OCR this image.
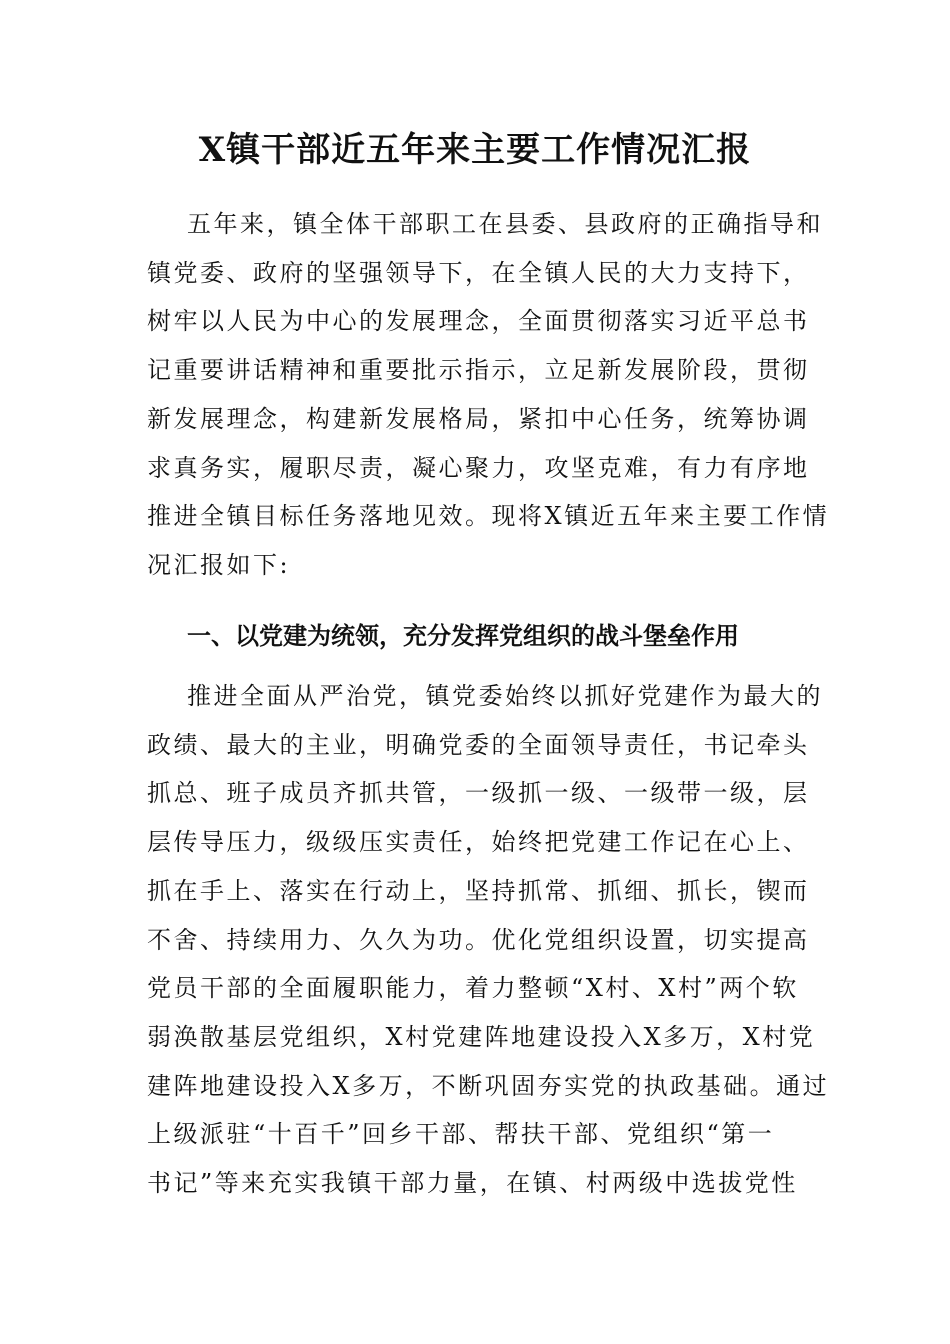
X镇干部近五年来主要工作情况汇报
五年来，镇全体干部职工在县委、县政府的正确指导和
镇党委、政府的坚强领导下，在全镇人民的大力支持下，
树牢以人民为中心的发展理念，全面贯彻落实习近平总书
记重要讲话精神和重要批示指示，立足新发展阶段，贯彻
新发展理念，构建新发展格局，紧扣中心任务，统筹协调
求真务实，履职尽责，凝心聚力，攻坚克难，有力有序地
推进全镇目标任务落地见效。现将X镇近五年来主要工作情
况汇报如下:
一、以党建为统领，充分发挥党组织的战斗堡垒作用
推进全面从严治党，镇党委始终以抓好党建作为最大的
政绩、最大的主业，明确党委的全面领导责任，书记牵头
抓总、班子成员齐抓共管，一级抓一级、一级带一级，层
层传导压力，级级压实责任，始终把党建工作记在心上、
抓在手上、落实在行动上，坚持抓常、抓细、抓长，锲而
不舍、持续用力、久久为功。优化党组织设置，切实提高
党员干部的全面履职能力，着力整顿“X村、X村”两个软
弱涣散基层党组织，X村党建阵地建设投入X多万，X村党
建阵地建设投入X多万，不断巩固夯实党的执政基础。通过
上级派驻“十百千”回乡干部、帮扶干部、党组织“第一
书记”等来充实我镇干部力量，在镇、村两级中选拔党性
